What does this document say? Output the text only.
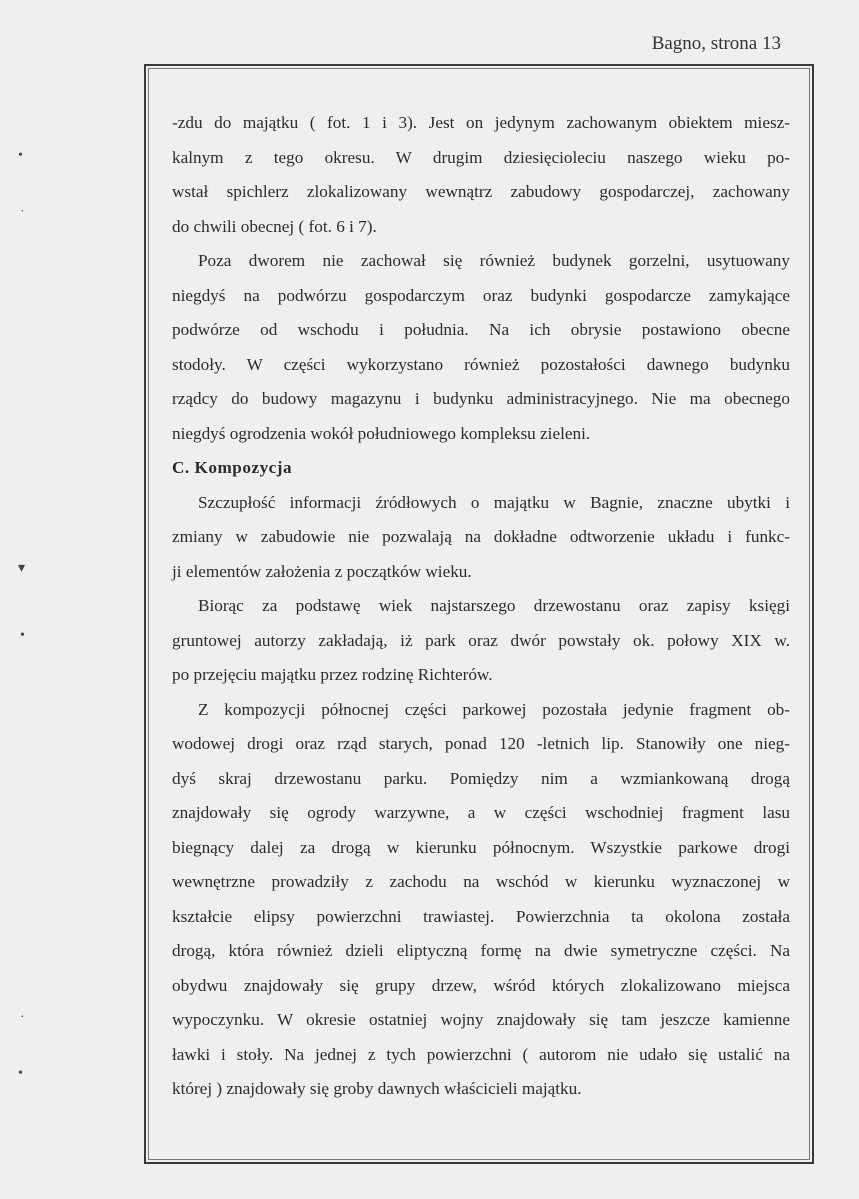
Bagno, strona 13
•
˙
▾
•
·
•
-zdu do majątku ( fot. 1 i 3). Jest on jedynym zachowanym obiektem miesz-
kalnym z tego okresu. W drugim dziesięcioleciu naszego wieku po-
wstał spichlerz zlokalizowany wewnątrz zabudowy gospodarczej, zachowany
do chwili obecnej ( fot. 6 i 7).
Poza dworem nie zachował się również budynek gorzelni, usytuowany
niegdyś na podwórzu gospodarczym oraz budynki gospodarcze zamykające
podwórze od wschodu i południa. Na ich obrysie postawiono obecne
stodoły. W części wykorzystano również pozostałości dawnego budynku
rządcy do budowy magazynu i budynku administracyjnego. Nie ma obecnego
niegdyś ogrodzenia wokół południowego kompleksu zieleni.
C. Kompozycja
Szczupłość informacji źródłowych o majątku w Bagnie, znaczne ubytki i
zmiany w zabudowie nie pozwalają na dokładne odtworzenie układu i funkc-
ji elementów założenia z początków wieku.
Biorąc za podstawę wiek najstarszego drzewostanu oraz zapisy księgi
gruntowej autorzy zakładają, iż park oraz dwór powstały ok. połowy XIX w.
po przejęciu majątku przez rodzinę Richterów.
Z kompozycji północnej części parkowej pozostała jedynie fragment ob-
wodowej drogi oraz rząd starych, ponad 120 -letnich lip. Stanowiły one nieg-
dyś skraj drzewostanu parku. Pomiędzy nim a wzmiankowaną drogą
znajdowały się ogrody warzywne, a w części wschodniej fragment lasu
biegnący dalej za drogą w kierunku północnym. Wszystkie parkowe drogi
wewnętrzne prowadziły z zachodu na wschód w kierunku wyznaczonej w
kształcie elipsy powierzchni trawiastej. Powierzchnia ta okolona została
drogą, która również dzieli eliptyczną formę na dwie symetryczne części. Na
obydwu znajdowały się grupy drzew, wśród których zlokalizowano miejsca
wypoczynku. W okresie ostatniej wojny znajdowały się tam jeszcze kamienne
ławki i stoły. Na jednej z tych powierzchni ( autorom nie udało się ustalić na
której ) znajdowały się groby dawnych właścicieli majątku.
